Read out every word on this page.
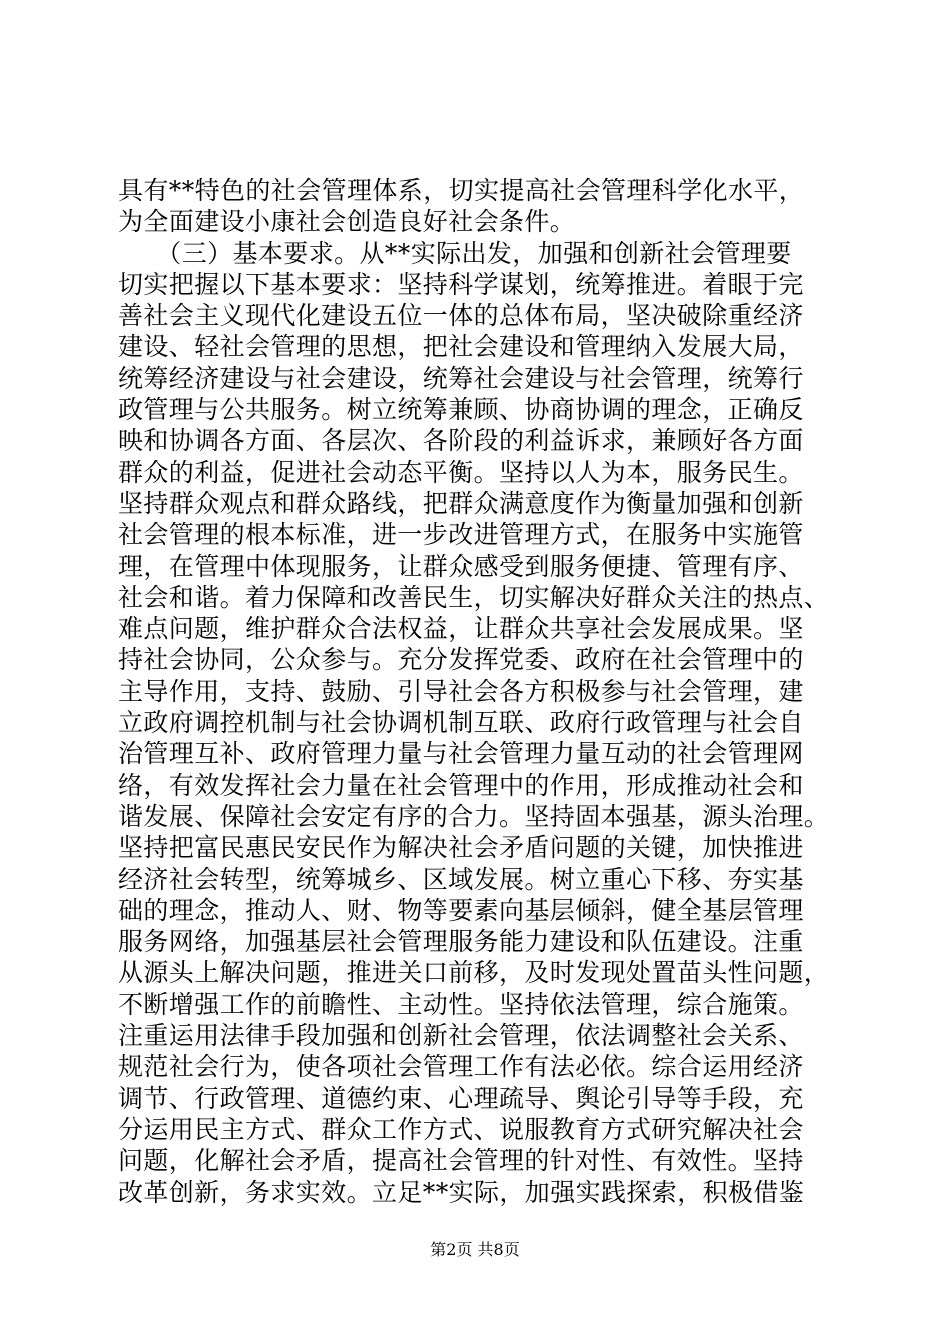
具有**特色的社会管理体系，切实提高社会管理科学化水平，
为全面建设小康社会创造良好社会条件。
　　（三）基本要求。从**实际出发，加强和创新社会管理要
切实把握以下基本要求：坚持科学谋划，统筹推进。着眼于完
善社会主义现代化建设五位一体的总体布局，坚决破除重经济
建设、轻社会管理的思想，把社会建设和管理纳入发展大局，
统筹经济建设与社会建设，统筹社会建设与社会管理，统筹行
政管理与公共服务。树立统筹兼顾、协商协调的理念，正确反
映和协调各方面、各层次、各阶段的利益诉求，兼顾好各方面
群众的利益，促进社会动态平衡。坚持以人为本，服务民生。
坚持群众观点和群众路线，把群众满意度作为衡量加强和创新
社会管理的根本标准，进一步改进管理方式，在服务中实施管
理，在管理中体现服务，让群众感受到服务便捷、管理有序、
社会和谐。着力保障和改善民生，切实解决好群众关注的热点、
难点问题，维护群众合法权益，让群众共享社会发展成果。坚
持社会协同，公众参与。充分发挥党委、政府在社会管理中的
主导作用，支持、鼓励、引导社会各方积极参与社会管理，建
立政府调控机制与社会协调机制互联、政府行政管理与社会自
治管理互补、政府管理力量与社会管理力量互动的社会管理网
络，有效发挥社会力量在社会管理中的作用，形成推动社会和
谐发展、保障社会安定有序的合力。坚持固本强基，源头治理。
坚持把富民惠民安民作为解决社会矛盾问题的关键，加快推进
经济社会转型，统筹城乡、区域发展。树立重心下移、夯实基
础的理念，推动人、财、物等要素向基层倾斜，健全基层管理
服务网络，加强基层社会管理服务能力建设和队伍建设。注重
从源头上解决问题，推进关口前移，及时发现处置苗头性问题，
不断增强工作的前瞻性、主动性。坚持依法管理，综合施策。
注重运用法律手段加强和创新社会管理，依法调整社会关系、
规范社会行为，使各项社会管理工作有法必依。综合运用经济
调节、行政管理、道德约束、心理疏导、舆论引导等手段，充
分运用民主方式、群众工作方式、说服教育方式研究解决社会
问题，化解社会矛盾，提高社会管理的针对性、有效性。坚持
改革创新，务求实效。立足**实际，加强实践探索，积极借鉴
第2页 共8页
